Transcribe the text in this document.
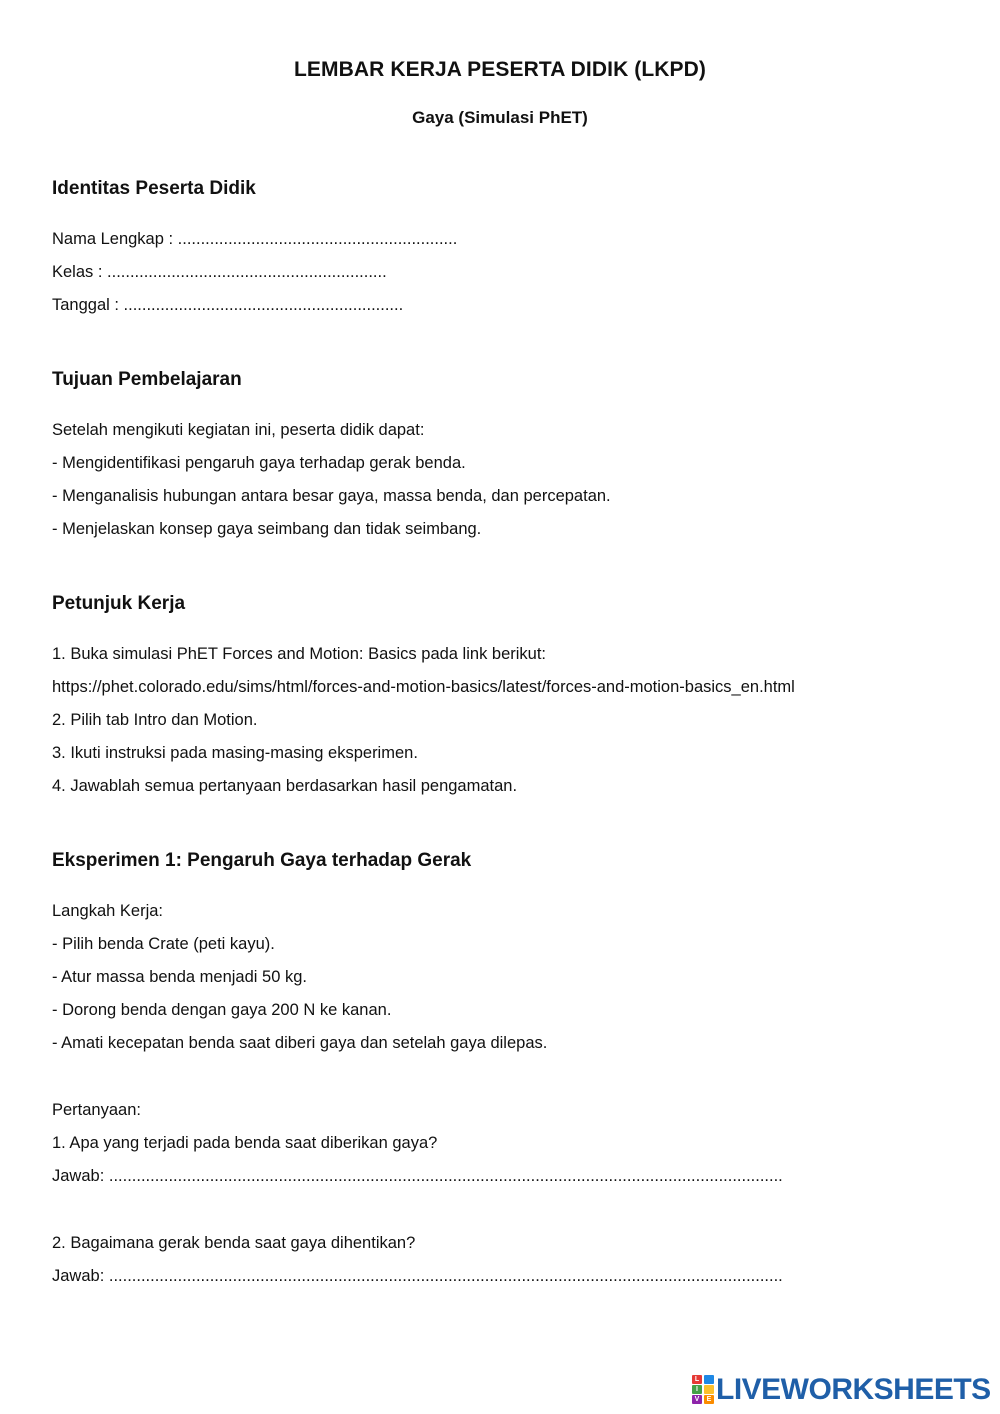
LEMBAR KERJA PESERTA DIDIK (LKPD)
Gaya (Simulasi PhET)
Identitas Peserta Didik
Nama Lengkap : .............................................................
Kelas : .............................................................
Tanggal : .............................................................
Tujuan Pembelajaran
Setelah mengikuti kegiatan ini, peserta didik dapat:
- Mengidentifikasi pengaruh gaya terhadap gerak benda.
- Menganalisis hubungan antara besar gaya, massa benda, dan percepatan.
- Menjelaskan konsep gaya seimbang dan tidak seimbang.
Petunjuk Kerja
1. Buka simulasi PhET Forces and Motion: Basics pada link berikut:
https://phet.colorado.edu/sims/html/forces-and-motion-basics/latest/forces-and-motion-basics_en.html
2. Pilih tab Intro dan Motion.
3. Ikuti instruksi pada masing-masing eksperimen.
4. Jawablah semua pertanyaan berdasarkan hasil pengamatan.
Eksperimen 1: Pengaruh Gaya terhadap Gerak
Langkah Kerja:
- Pilih benda Crate (peti kayu).
- Atur massa benda menjadi 50 kg.
- Dorong benda dengan gaya 200 N ke kanan.
- Amati kecepatan benda saat diberi gaya dan setelah gaya dilepas.
Pertanyaan:
1. Apa yang terjadi pada benda saat diberikan gaya?
Jawab: ...................................................................................................................................................
2. Bagaimana gerak benda saat gaya dihentikan?
Jawab: ...................................................................................................................................................
L
I
V	E LIVEWORKSHEETS
